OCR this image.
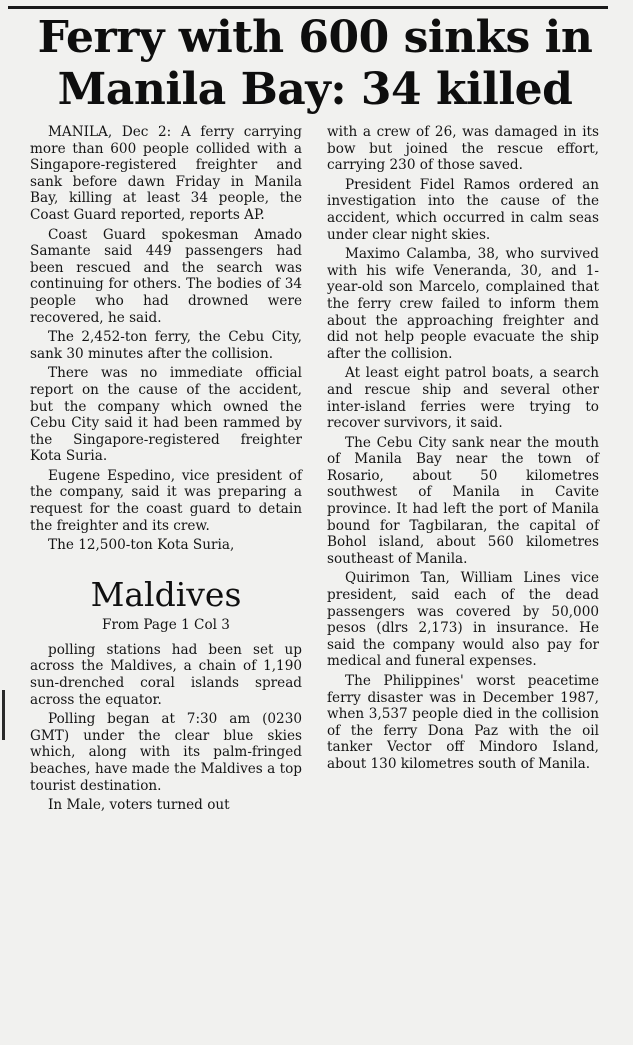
Ferry with 600 sinks in Manila Bay: 34 killed

MANILA, Dec 2: A ferry carrying more than 600 people collided with a Singapore-registered freighter and sank before dawn Friday in Manila Bay, killing at least 34 people, the Coast Guard reported, reports AP.

Coast Guard spokesman Amado Samante said 449 passengers had been rescued and the search was continuing for others. The bodies of 34 people who had drowned were recovered, he said.

The 2,452-ton ferry, the Cebu City, sank 30 minutes after the collision.

There was no immediate official report on the cause of the accident, but the company which owned the Cebu City said it had been rammed by the Singapore-registered freighter Kota Suria.

Eugene Espedino, vice president of the company, said it was preparing a request for the coast guard to detain the freighter and its crew.

The 12,500-ton Kota Suria,

Maldives
From Page 1 Col 3

polling stations had been set up across the Maldives, a chain of 1,190 sun-drenched coral islands spread across the equator.

Polling began at 7:30 am (0230 GMT) under the clear blue skies which, along with its palm-fringed beaches, have made the Maldives a top tourist destination.

In Male, voters turned out

with a crew of 26, was damaged in its bow but joined the rescue effort, carrying 230 of those saved.

President Fidel Ramos ordered an investigation into the cause of the accident, which occurred in calm seas under clear night skies.

Maximo Calamba, 38, who survived with his wife Veneranda, 30, and 1-year-old son Marcelo, complained that the ferry crew failed to inform them about the approaching freighter and did not help people evacuate the ship after the collision.

At least eight patrol boats, a search and rescue ship and several other inter-island ferries were trying to recover survivors, it said.

The Cebu City sank near the mouth of Manila Bay near the town of Rosario, about 50 kilometres southwest of Manila in Cavite province. It had left the port of Manila bound for Tagbilaran, the capital of Bohol island, about 560 kilometres southeast of Manila.

Quirimon Tan, William Lines vice president, said each of the dead passengers was covered by 50,000 pesos (dlrs 2,173) in insurance. He said the company would also pay for medical and funeral expenses.

The Philippines' worst peacetime ferry disaster was in December 1987, when 3,537 people died in the collision of the ferry Dona Paz with the oil tanker Vector off Mindoro Island, about 130 kilometres south of Manila.
